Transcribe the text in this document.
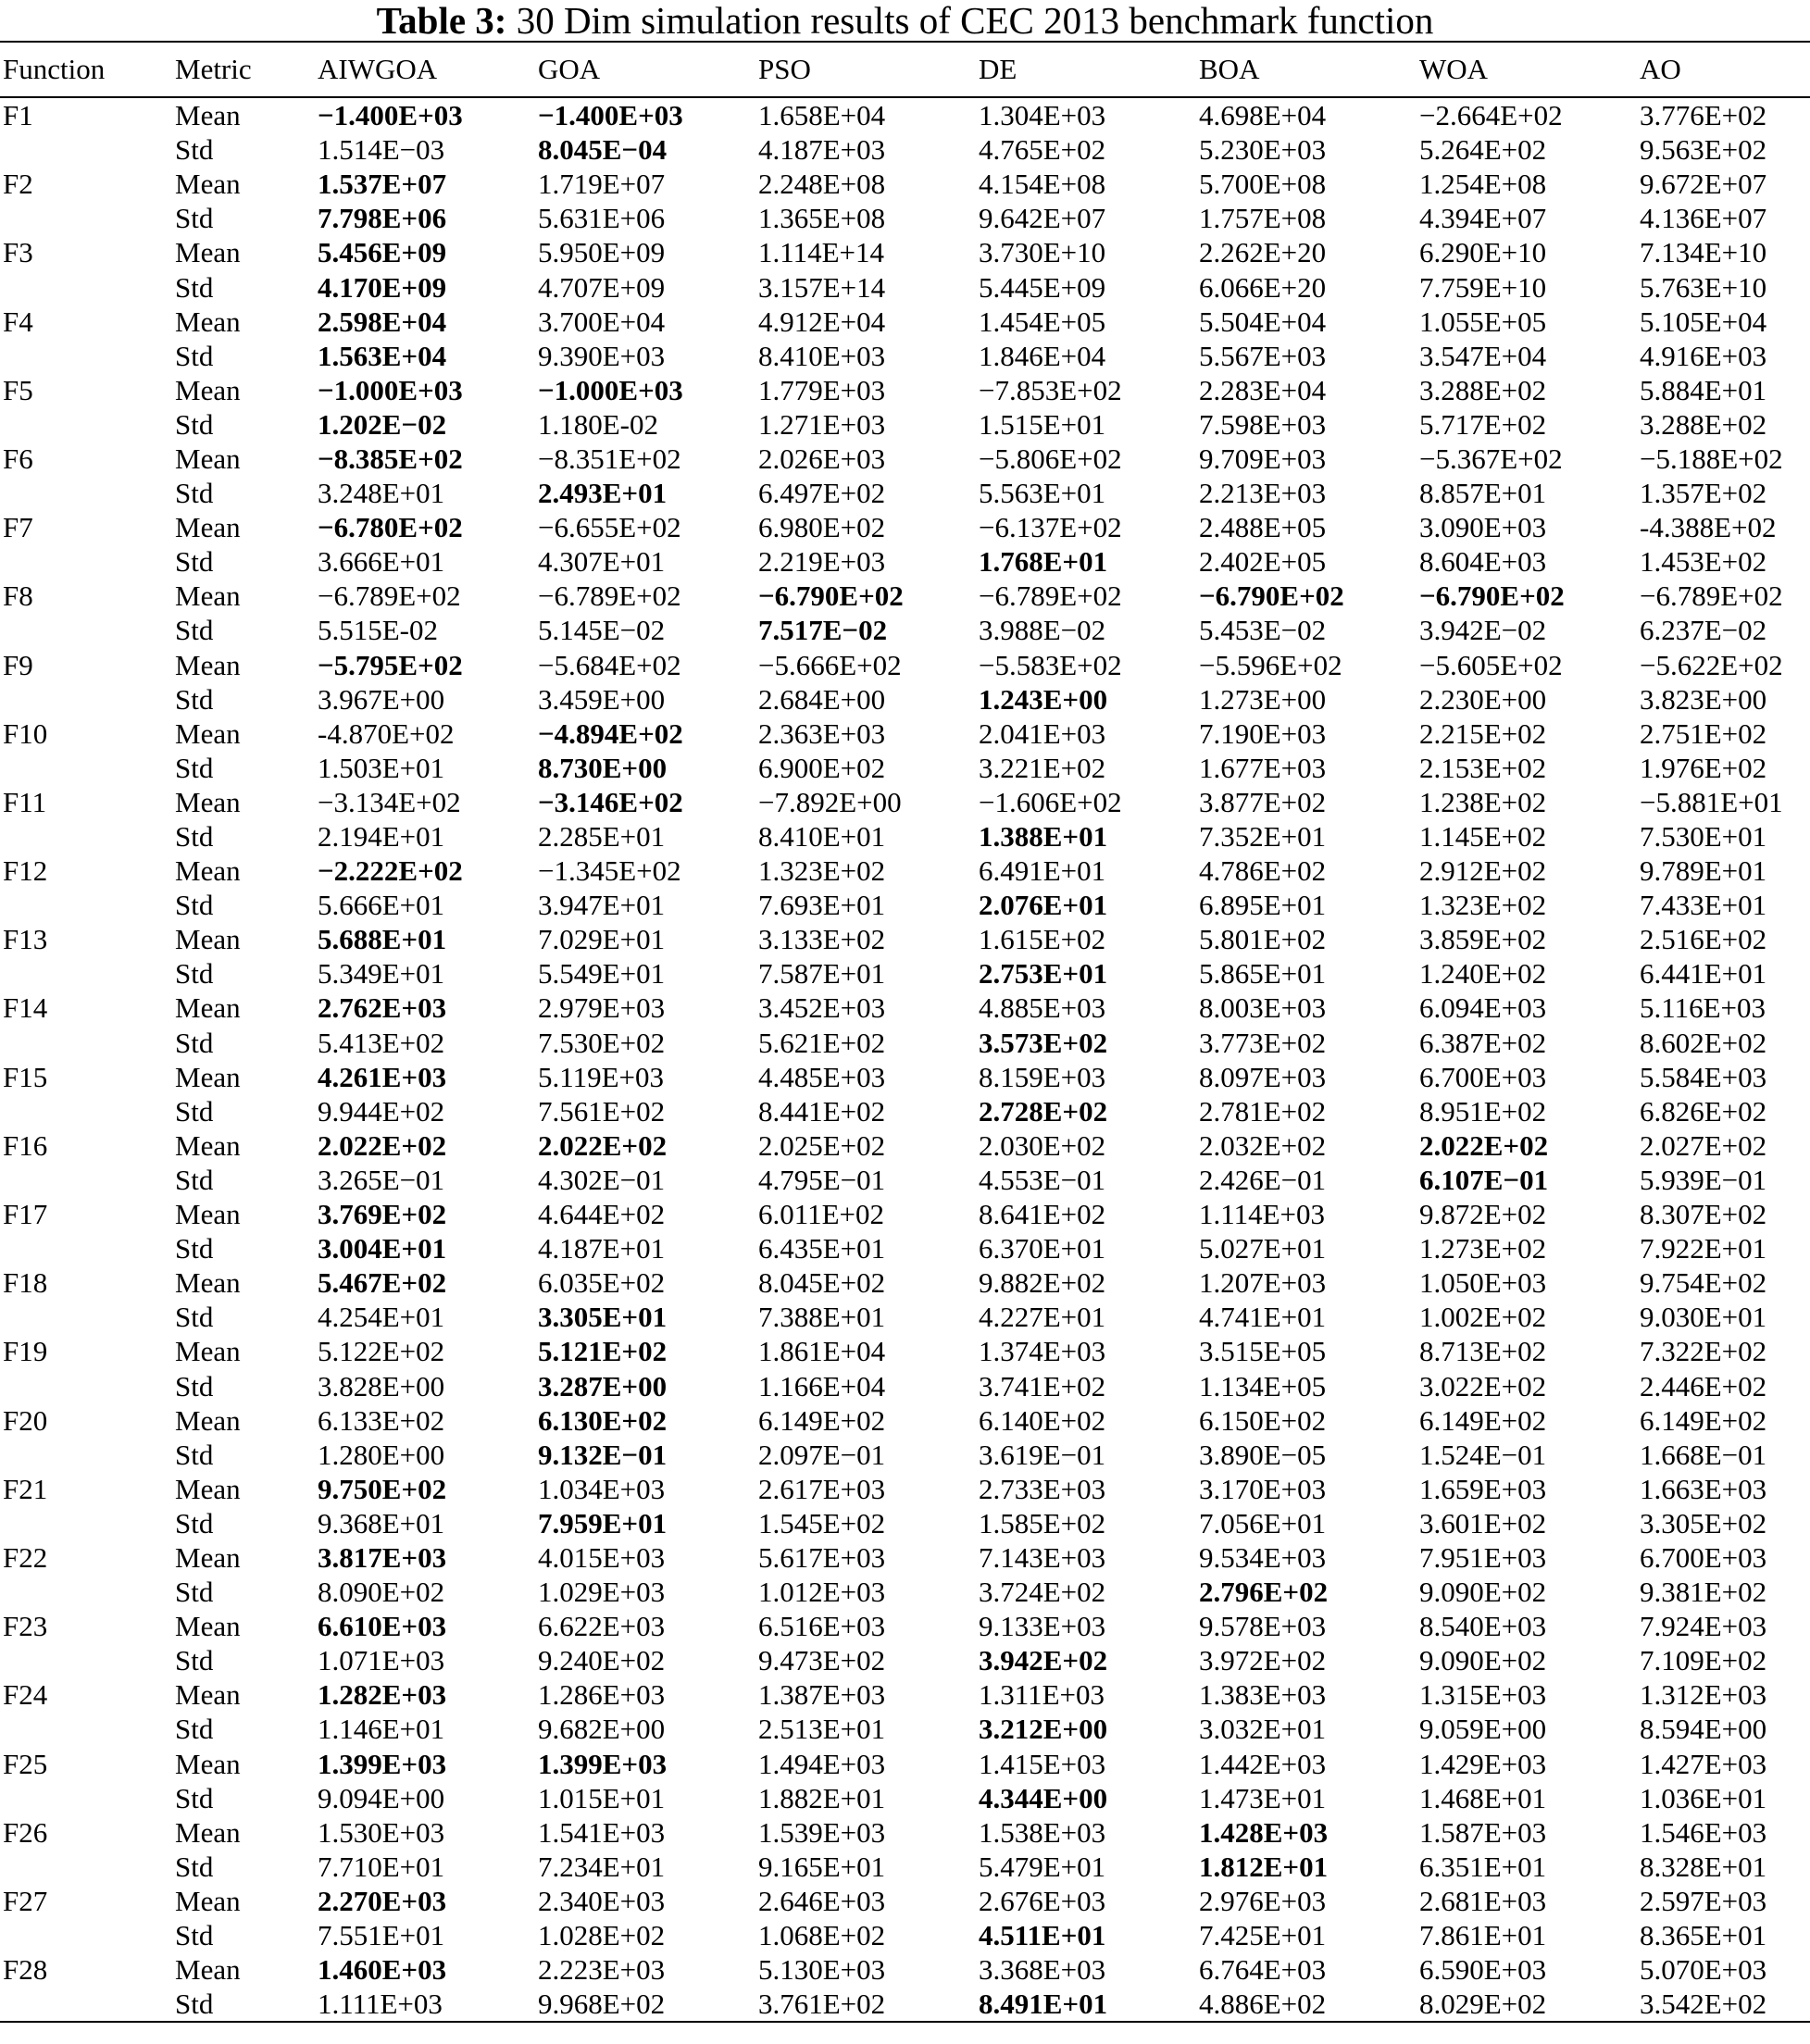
Table 3: 30 Dim simulation results of CEC 2013 benchmark function
Function	Metric	AIWGOA	GOA	PSO	DE	BOA	WOA	AO
F1	Mean	−1.400E+03	−1.400E+03	1.658E+04	1.304E+03	4.698E+04	−2.664E+02	3.776E+02
	Std	1.514E−03	8.045E−04	4.187E+03	4.765E+02	5.230E+03	5.264E+02	9.563E+02
F2	Mean	1.537E+07	1.719E+07	2.248E+08	4.154E+08	5.700E+08	1.254E+08	9.672E+07
	Std	7.798E+06	5.631E+06	1.365E+08	9.642E+07	1.757E+08	4.394E+07	4.136E+07
F3	Mean	5.456E+09	5.950E+09	1.114E+14	3.730E+10	2.262E+20	6.290E+10	7.134E+10
	Std	4.170E+09	4.707E+09	3.157E+14	5.445E+09	6.066E+20	7.759E+10	5.763E+10
F4	Mean	2.598E+04	3.700E+04	4.912E+04	1.454E+05	5.504E+04	1.055E+05	5.105E+04
	Std	1.563E+04	9.390E+03	8.410E+03	1.846E+04	5.567E+03	3.547E+04	4.916E+03
F5	Mean	−1.000E+03	−1.000E+03	1.779E+03	−7.853E+02	2.283E+04	3.288E+02	5.884E+01
	Std	1.202E−02	1.180E-02	1.271E+03	1.515E+01	7.598E+03	5.717E+02	3.288E+02
F6	Mean	−8.385E+02	−8.351E+02	2.026E+03	−5.806E+02	9.709E+03	−5.367E+02	−5.188E+02
	Std	3.248E+01	2.493E+01	6.497E+02	5.563E+01	2.213E+03	8.857E+01	1.357E+02
F7	Mean	−6.780E+02	−6.655E+02	6.980E+02	−6.137E+02	2.488E+05	3.090E+03	-4.388E+02
	Std	3.666E+01	4.307E+01	2.219E+03	1.768E+01	2.402E+05	8.604E+03	1.453E+02
F8	Mean	−6.789E+02	−6.789E+02	−6.790E+02	−6.789E+02	−6.790E+02	−6.790E+02	−6.789E+02
	Std	5.515E-02	5.145E−02	7.517E−02	3.988E−02	5.453E−02	3.942E−02	6.237E−02
F9	Mean	−5.795E+02	−5.684E+02	−5.666E+02	−5.583E+02	−5.596E+02	−5.605E+02	−5.622E+02
	Std	3.967E+00	3.459E+00	2.684E+00	1.243E+00	1.273E+00	2.230E+00	3.823E+00
F10	Mean	-4.870E+02	−4.894E+02	2.363E+03	2.041E+03	7.190E+03	2.215E+02	2.751E+02
	Std	1.503E+01	8.730E+00	6.900E+02	3.221E+02	1.677E+03	2.153E+02	1.976E+02
F11	Mean	−3.134E+02	−3.146E+02	−7.892E+00	−1.606E+02	3.877E+02	1.238E+02	−5.881E+01
	Std	2.194E+01	2.285E+01	8.410E+01	1.388E+01	7.352E+01	1.145E+02	7.530E+01
F12	Mean	−2.222E+02	−1.345E+02	1.323E+02	6.491E+01	4.786E+02	2.912E+02	9.789E+01
	Std	5.666E+01	3.947E+01	7.693E+01	2.076E+01	6.895E+01	1.323E+02	7.433E+01
F13	Mean	5.688E+01	7.029E+01	3.133E+02	1.615E+02	5.801E+02	3.859E+02	2.516E+02
	Std	5.349E+01	5.549E+01	7.587E+01	2.753E+01	5.865E+01	1.240E+02	6.441E+01
F14	Mean	2.762E+03	2.979E+03	3.452E+03	4.885E+03	8.003E+03	6.094E+03	5.116E+03
	Std	5.413E+02	7.530E+02	5.621E+02	3.573E+02	3.773E+02	6.387E+02	8.602E+02
F15	Mean	4.261E+03	5.119E+03	4.485E+03	8.159E+03	8.097E+03	6.700E+03	5.584E+03
	Std	9.944E+02	7.561E+02	8.441E+02	2.728E+02	2.781E+02	8.951E+02	6.826E+02
F16	Mean	2.022E+02	2.022E+02	2.025E+02	2.030E+02	2.032E+02	2.022E+02	2.027E+02
	Std	3.265E−01	4.302E−01	4.795E−01	4.553E−01	2.426E−01	6.107E−01	5.939E−01
F17	Mean	3.769E+02	4.644E+02	6.011E+02	8.641E+02	1.114E+03	9.872E+02	8.307E+02
	Std	3.004E+01	4.187E+01	6.435E+01	6.370E+01	5.027E+01	1.273E+02	7.922E+01
F18	Mean	5.467E+02	6.035E+02	8.045E+02	9.882E+02	1.207E+03	1.050E+03	9.754E+02
	Std	4.254E+01	3.305E+01	7.388E+01	4.227E+01	4.741E+01	1.002E+02	9.030E+01
F19	Mean	5.122E+02	5.121E+02	1.861E+04	1.374E+03	3.515E+05	8.713E+02	7.322E+02
	Std	3.828E+00	3.287E+00	1.166E+04	3.741E+02	1.134E+05	3.022E+02	2.446E+02
F20	Mean	6.133E+02	6.130E+02	6.149E+02	6.140E+02	6.150E+02	6.149E+02	6.149E+02
	Std	1.280E+00	9.132E−01	2.097E−01	3.619E−01	3.890E−05	1.524E−01	1.668E−01
F21	Mean	9.750E+02	1.034E+03	2.617E+03	2.733E+03	3.170E+03	1.659E+03	1.663E+03
	Std	9.368E+01	7.959E+01	1.545E+02	1.585E+02	7.056E+01	3.601E+02	3.305E+02
F22	Mean	3.817E+03	4.015E+03	5.617E+03	7.143E+03	9.534E+03	7.951E+03	6.700E+03
	Std	8.090E+02	1.029E+03	1.012E+03	3.724E+02	2.796E+02	9.090E+02	9.381E+02
F23	Mean	6.610E+03	6.622E+03	6.516E+03	9.133E+03	9.578E+03	8.540E+03	7.924E+03
	Std	1.071E+03	9.240E+02	9.473E+02	3.942E+02	3.972E+02	9.090E+02	7.109E+02
F24	Mean	1.282E+03	1.286E+03	1.387E+03	1.311E+03	1.383E+03	1.315E+03	1.312E+03
	Std	1.146E+01	9.682E+00	2.513E+01	3.212E+00	3.032E+01	9.059E+00	8.594E+00
F25	Mean	1.399E+03	1.399E+03	1.494E+03	1.415E+03	1.442E+03	1.429E+03	1.427E+03
	Std	9.094E+00	1.015E+01	1.882E+01	4.344E+00	1.473E+01	1.468E+01	1.036E+01
F26	Mean	1.530E+03	1.541E+03	1.539E+03	1.538E+03	1.428E+03	1.587E+03	1.546E+03
	Std	7.710E+01	7.234E+01	9.165E+01	5.479E+01	1.812E+01	6.351E+01	8.328E+01
F27	Mean	2.270E+03	2.340E+03	2.646E+03	2.676E+03	2.976E+03	2.681E+03	2.597E+03
	Std	7.551E+01	1.028E+02	1.068E+02	4.511E+01	7.425E+01	7.861E+01	8.365E+01
F28	Mean	1.460E+03	2.223E+03	5.130E+03	3.368E+03	6.764E+03	6.590E+03	5.070E+03
	Std	1.111E+03	9.968E+02	3.761E+02	8.491E+01	4.886E+02	8.029E+02	3.542E+02
